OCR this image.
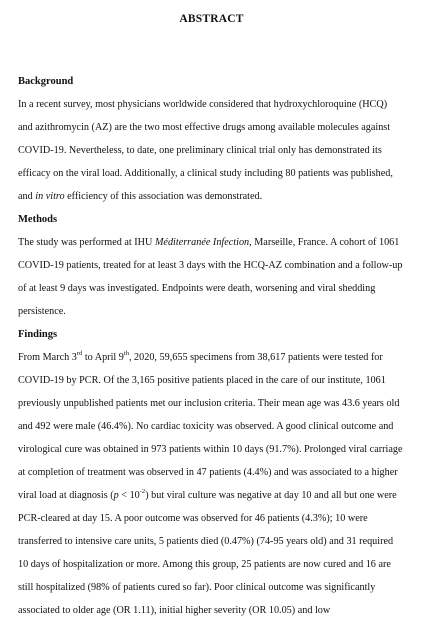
ABSTRACT
Background
In a recent survey, most physicians worldwide considered that hydroxychloroquine (HCQ)
and azithromycin (AZ) are the two most effective drugs among available molecules against
COVID-19. Nevertheless, to date, one preliminary clinical trial only has demonstrated its
efficacy on the viral load. Additionally, a clinical study including 80 patients was published,
and in vitro efficiency of this association was demonstrated.
Methods
The study was performed at IHU Méditerranée Infection, Marseille, France. A cohort of 1061
COVID-19 patients, treated for at least 3 days with the HCQ-AZ combination and a follow-up
of at least 9 days was investigated. Endpoints were death, worsening and viral shedding
persistence.
Findings
From March 3rd to April 9th, 2020, 59,655 specimens from 38,617 patients were tested for
COVID-19 by PCR. Of the 3,165 positive patients placed in the care of our institute, 1061
previously unpublished patients met our inclusion criteria. Their mean age was 43.6 years old
and 492 were male (46.4%). No cardiac toxicity was observed. A good clinical outcome and
virological cure was obtained in 973 patients within 10 days (91.7%). Prolonged viral carriage
at completion of treatment was observed in 47 patients (4.4%) and was associated to a higher
viral load at diagnosis $(p < 10^{-2})$ but viral culture was negative at day 10 and all but one were
PCR-cleared at day 15. A poor outcome was observed for 46 patients (4.3%); 10 were
transferred to intensive care units, 5 patients died (0.47%) (74-95 years old) and 31 required
10 days of hospitalization or more. Among this group, 25 patients are now cured and 16 are
still hospitalized (98% of patients cured so far). Poor clinical outcome was significantly
associated to older age (OR 1.11), initial higher severity (OR 10.05) and low
